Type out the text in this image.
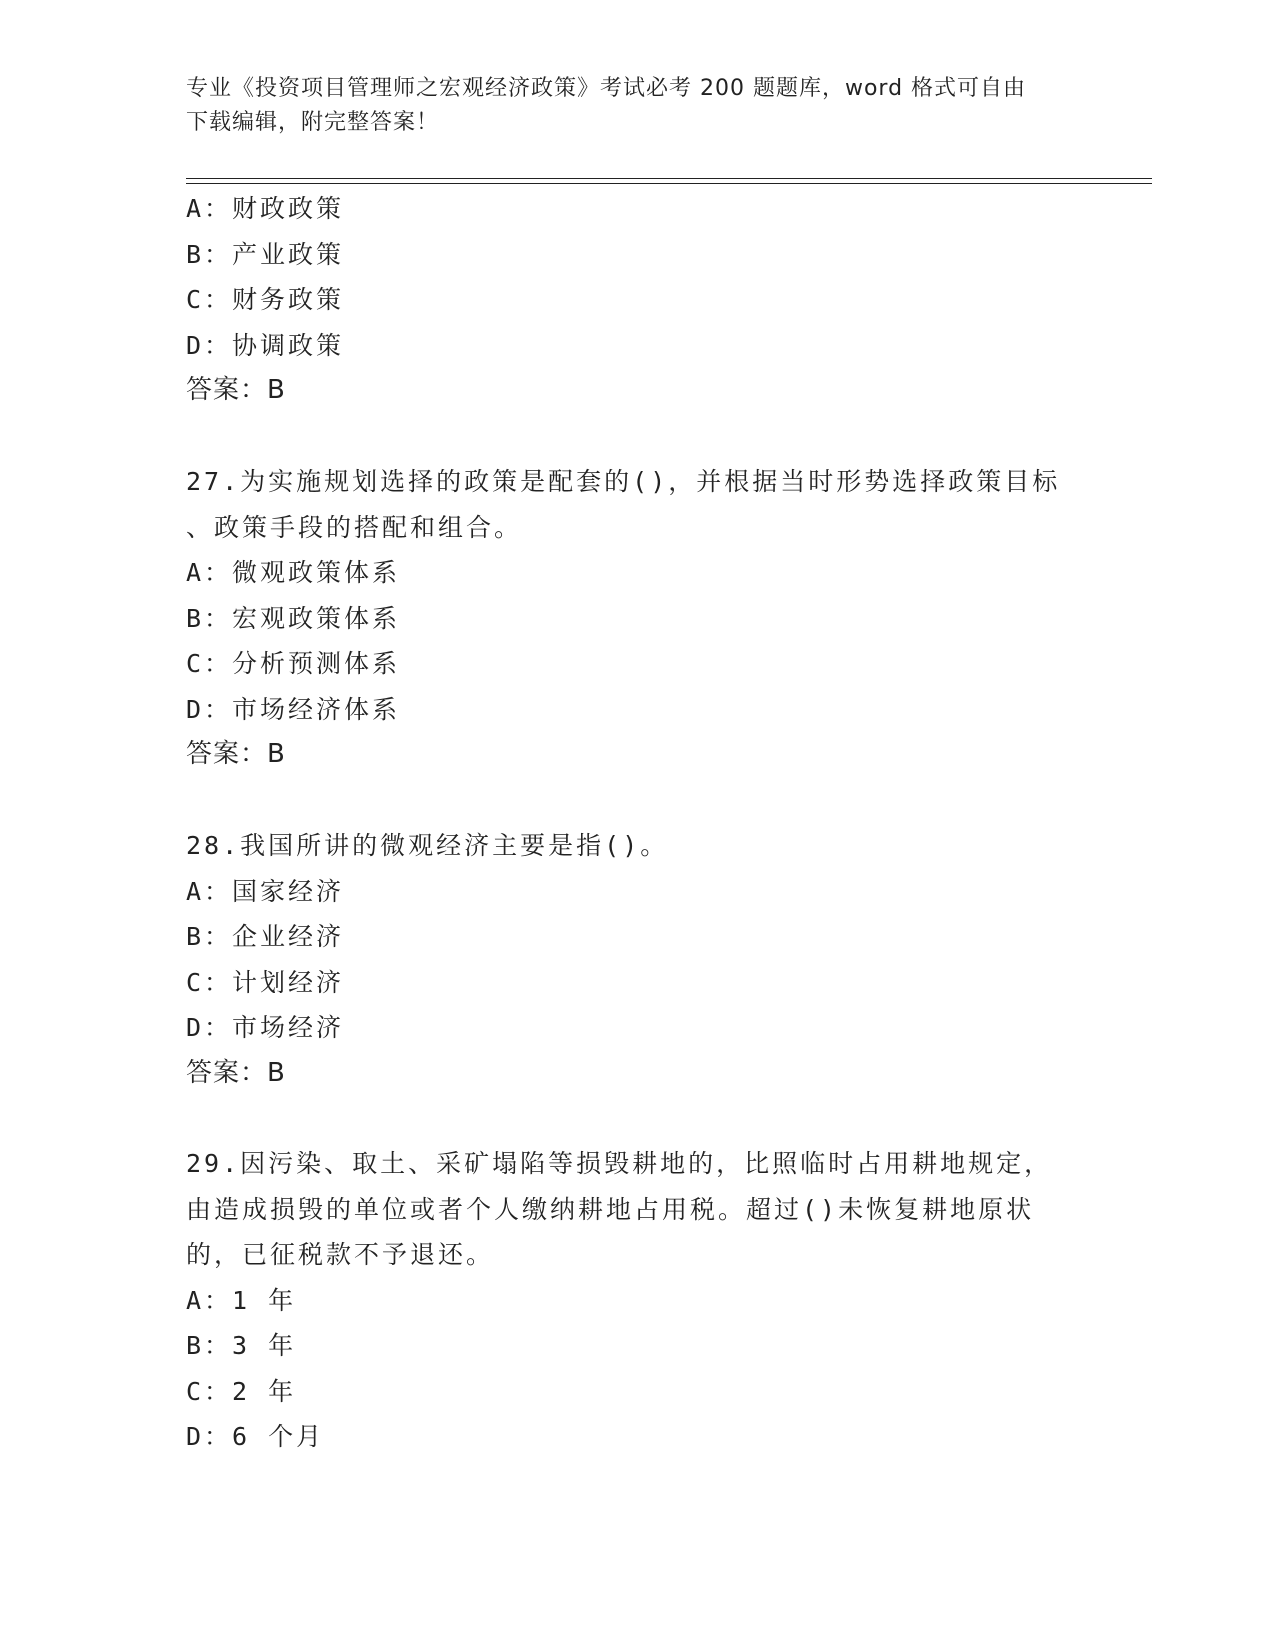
专业《投资项目管理师之宏观经济政策》考试必考 200 题题库，word 格式可自由
下载编辑，附完整答案！
A：财政政策
B：产业政策
C：财务政策
D：协调政策
答案：B
27.为实施规划选择的政策是配套的()，并根据当时形势选择政策目标
、政策手段的搭配和组合。
A：微观政策体系
B：宏观政策体系
C：分析预测体系
D：市场经济体系
答案：B
28.我国所讲的微观经济主要是指()。
A：国家经济
B：企业经济
C：计划经济
D：市场经济
答案：B
29.因污染、取土、采矿塌陷等损毁耕地的，比照临时占用耕地规定，
由造成损毁的单位或者个人缴纳耕地占用税。超过()未恢复耕地原状
的，已征税款不予退还。
A：1 年
B：3 年
C：2 年
D：6 个月
